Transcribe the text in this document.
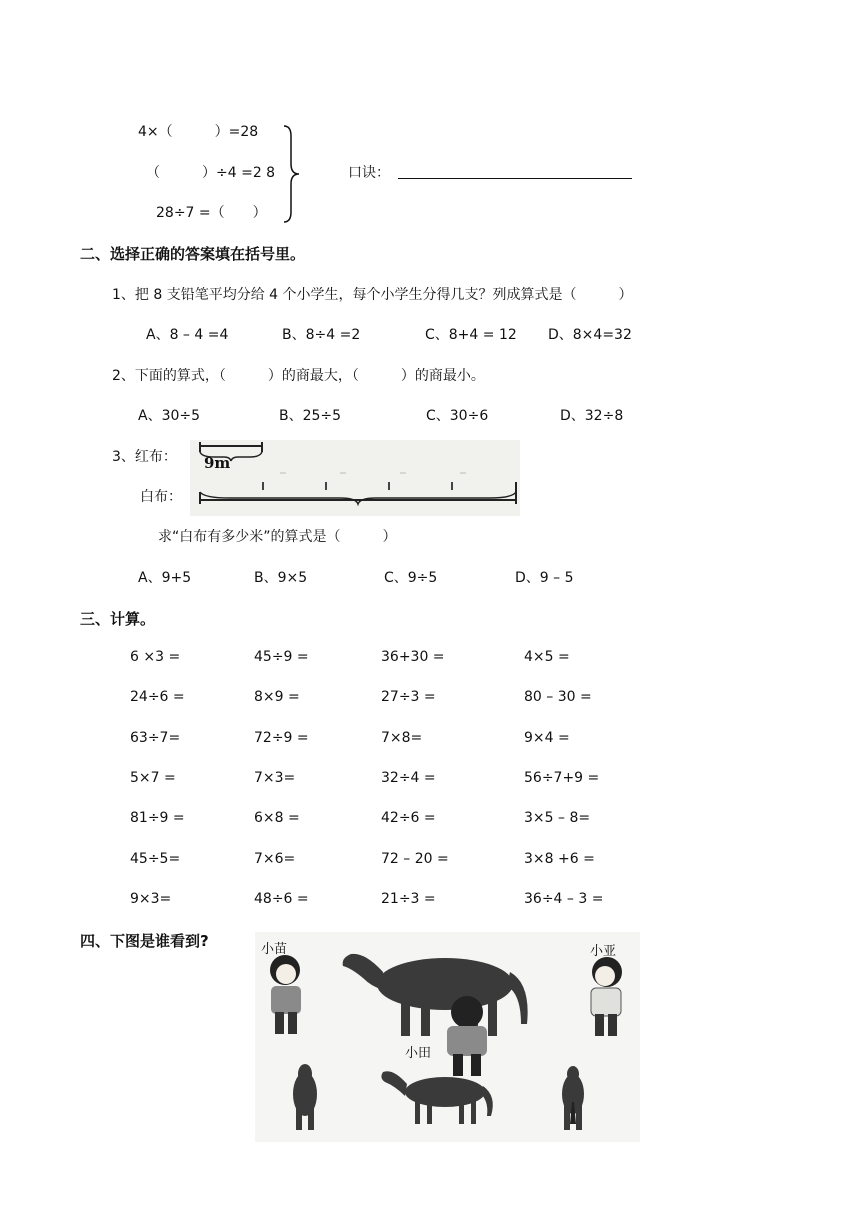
4×（　　　）=28
（　　　）÷4 =2 8
28÷7 =（　　）
口诀：
二、选择正确的答案填在括号里。
1、把 8 支铅笔平均分给 4 个小学生，每个小学生分得几支？列成算式是（　　　）
A、8 – 4 =4	B、8÷4 =2	C、8+4 = 12 D、8×4=32
2、下面的算式，（　　　）的商最大，（　　　）的商最小。
A、30÷5	B、25÷5	C、30÷6	D、32÷8
3、红布：
白布：
9m
求“白布有多少米”的算式是（　　　）
A、9+5	B、9×5	C、9÷5	D、9 – 5
三、计算。
6 ×3 =	45÷9 =	36+30 =	4×5 =
24÷6 =	8×9 =	27÷3 =	80 – 30 =
63÷7=	72÷9 =	7×8=	9×4 =
5×7 =	7×3=	32÷4 =	56÷7+9 =
81÷9 =	6×8 =	42÷6 =	3×5 – 8=
45÷5=	7×6=	72 – 20 =	3×8 +6 =
9×3=	48÷6 =	21÷3 =	36÷4 – 3 =
四、下图是谁看到?	小苗	小亚
小田
